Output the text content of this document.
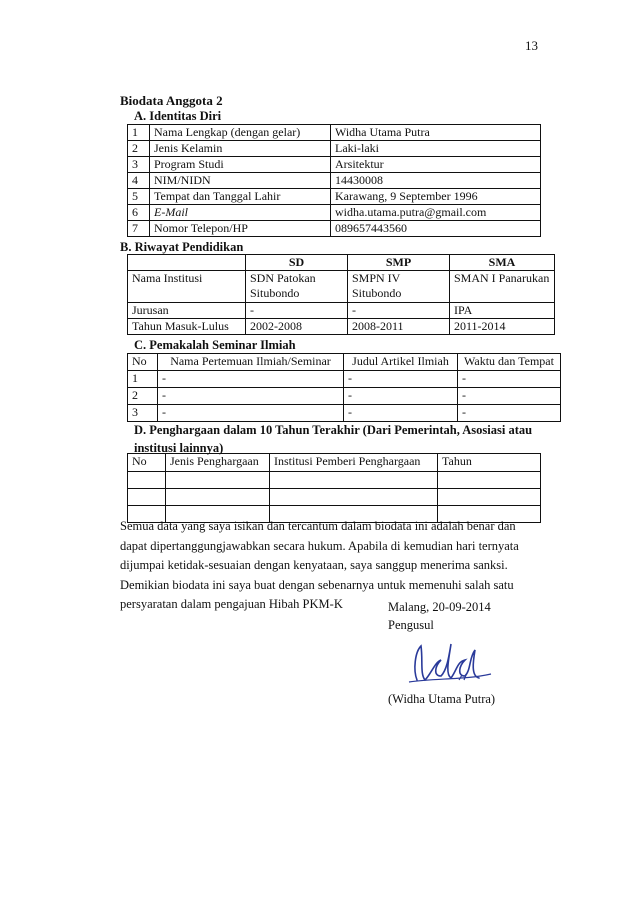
13
Biodata Anggota 2
A. Identitas Diri
1	Nama Lengkap (dengan gelar)	Widha Utama Putra
2	Jenis Kelamin	Laki-laki
3	Program Studi	Arsitektur
4	NIM/NIDN	14430008
5	Tempat dan Tanggal Lahir	Karawang, 9 September 1996
6	E-Mail	widha.utama.putra@gmail.com
7	Nomor Telepon/HP	089657443560
B. Riwayat Pendidikan
	SD	SMP	SMA
Nama Institusi	SDN Patokan Situbondo	SMPN IV Situbondo	SMAN I Panarukan
Jurusan	-	-	IPA
Tahun Masuk-Lulus	2002-2008	2008-2011	2011-2014
C. Pemakalah Seminar Ilmiah
No	Nama Pertemuan Ilmiah/Seminar	Judul Artikel Ilmiah	Waktu dan Tempat
1	-	-	-
2	-	-	-
3	-	-	-
D. Penghargaan dalam 10 Tahun Terakhir (Dari Pemerintah, Asosiasi atau institusi lainnya)
No	Jenis Penghargaan	Institusi Pemberi Penghargaan	Tahun

Semua data yang saya isikan dan tercantum dalam biodata ini adalah benar dan dapat dipertanggungjawabkan secara hukum. Apabila di kemudian hari ternyata dijumpai ketidak-sesuaian dengan kenyataan, saya sanggup menerima sanksi. Demikian biodata ini saya buat dengan sebenarnya untuk memenuhi salah satu persyaratan dalam pengajuan Hibah PKM-K	Malang, 20-09-2014
Pengusul
(Widha Utama Putra)
